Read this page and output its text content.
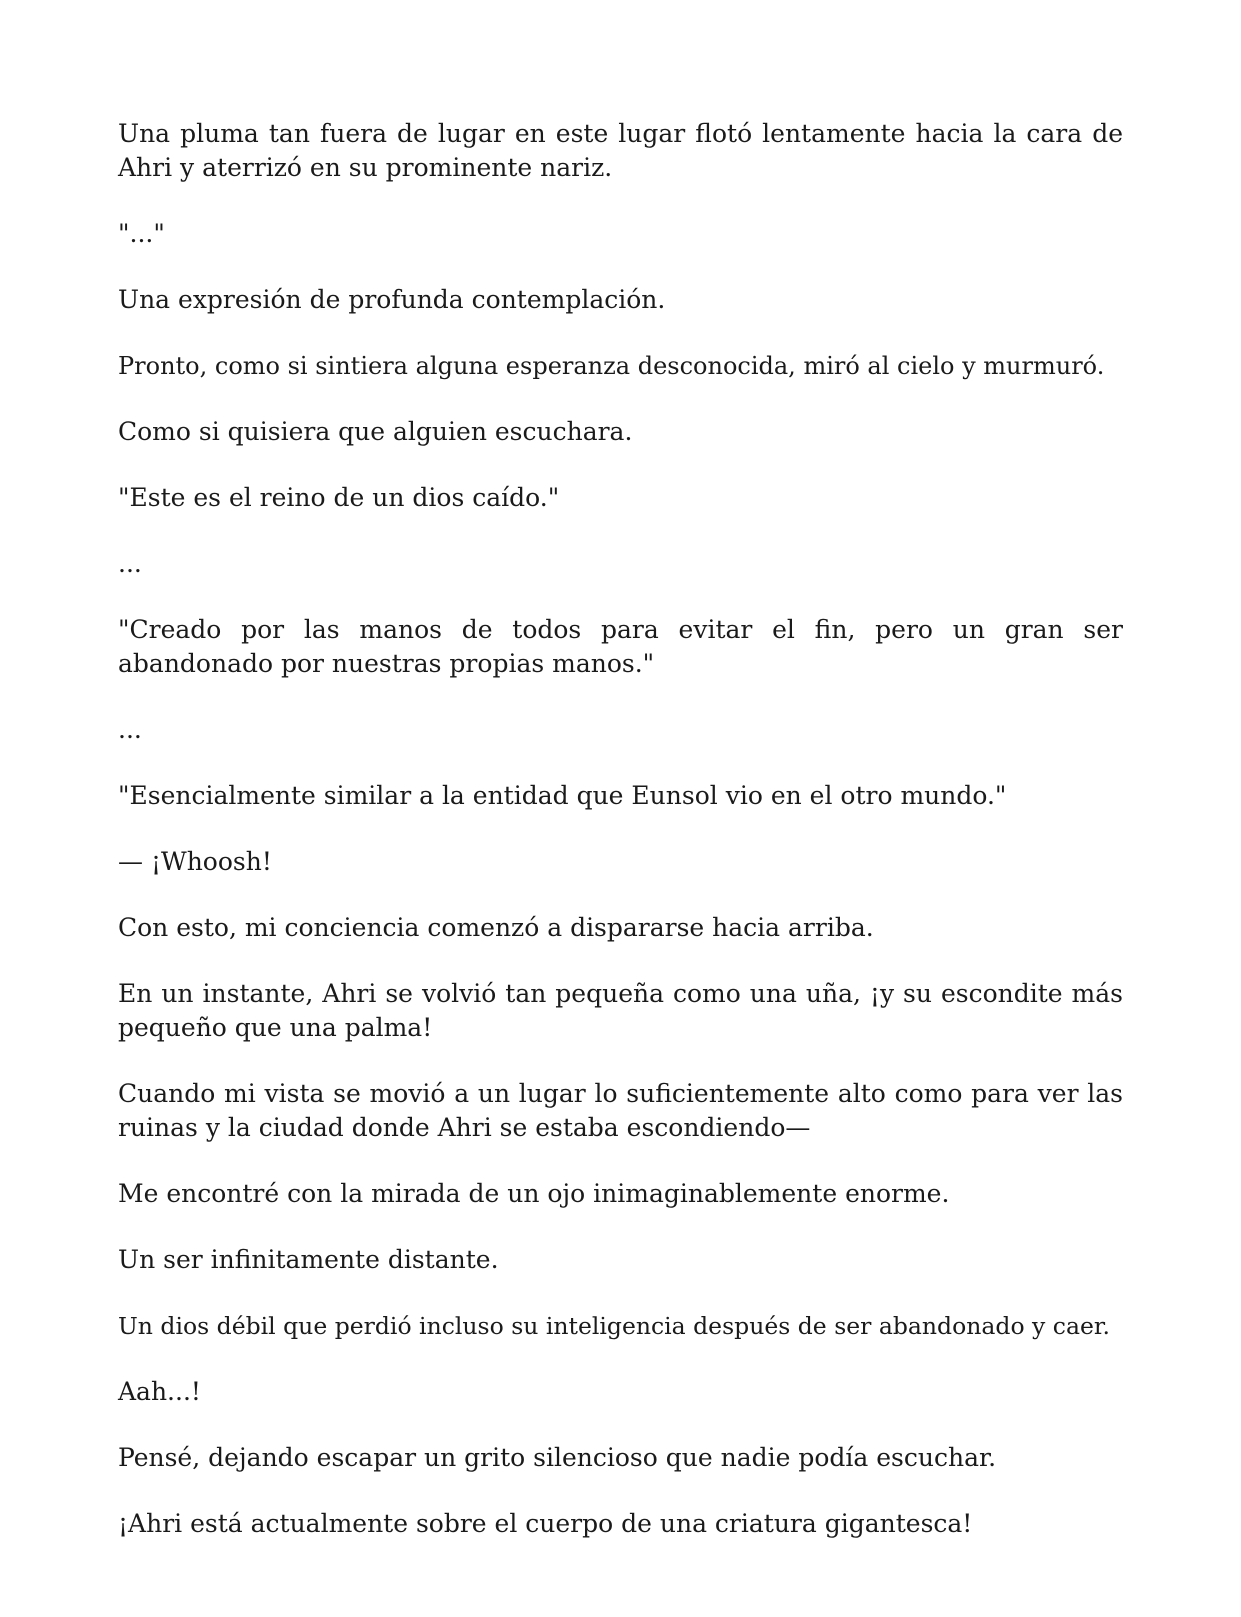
Una pluma tan fuera de lugar en este lugar flotó lentamente hacia la cara de Ahri y aterrizó en su prominente nariz.

"..."

Una expresión de profunda contemplación.

Pronto, como si sintiera alguna esperanza desconocida, miró al cielo y murmuró.

Como si quisiera que alguien escuchara.

"Este es el reino de un dios caído."

...

"Creado por las manos de todos para evitar el fin, pero un gran ser abandonado por nuestras propias manos."

...

"Esencialmente similar a la entidad que Eunsol vio en el otro mundo."

— ¡Whoosh!

Con esto, mi conciencia comenzó a dispararse hacia arriba.

En un instante, Ahri se volvió tan pequeña como una uña, ¡y su escondite más pequeño que una palma!

Cuando mi vista se movió a un lugar lo suficientemente alto como para ver las ruinas y la ciudad donde Ahri se estaba escondiendo—

Me encontré con la mirada de un ojo inimaginablemente enorme.

Un ser infinitamente distante.

Un dios débil que perdió incluso su inteligencia después de ser abandonado y caer.

Aah...!

Pensé, dejando escapar un grito silencioso que nadie podía escuchar.

¡Ahri está actualmente sobre el cuerpo de una criatura gigantesca!
